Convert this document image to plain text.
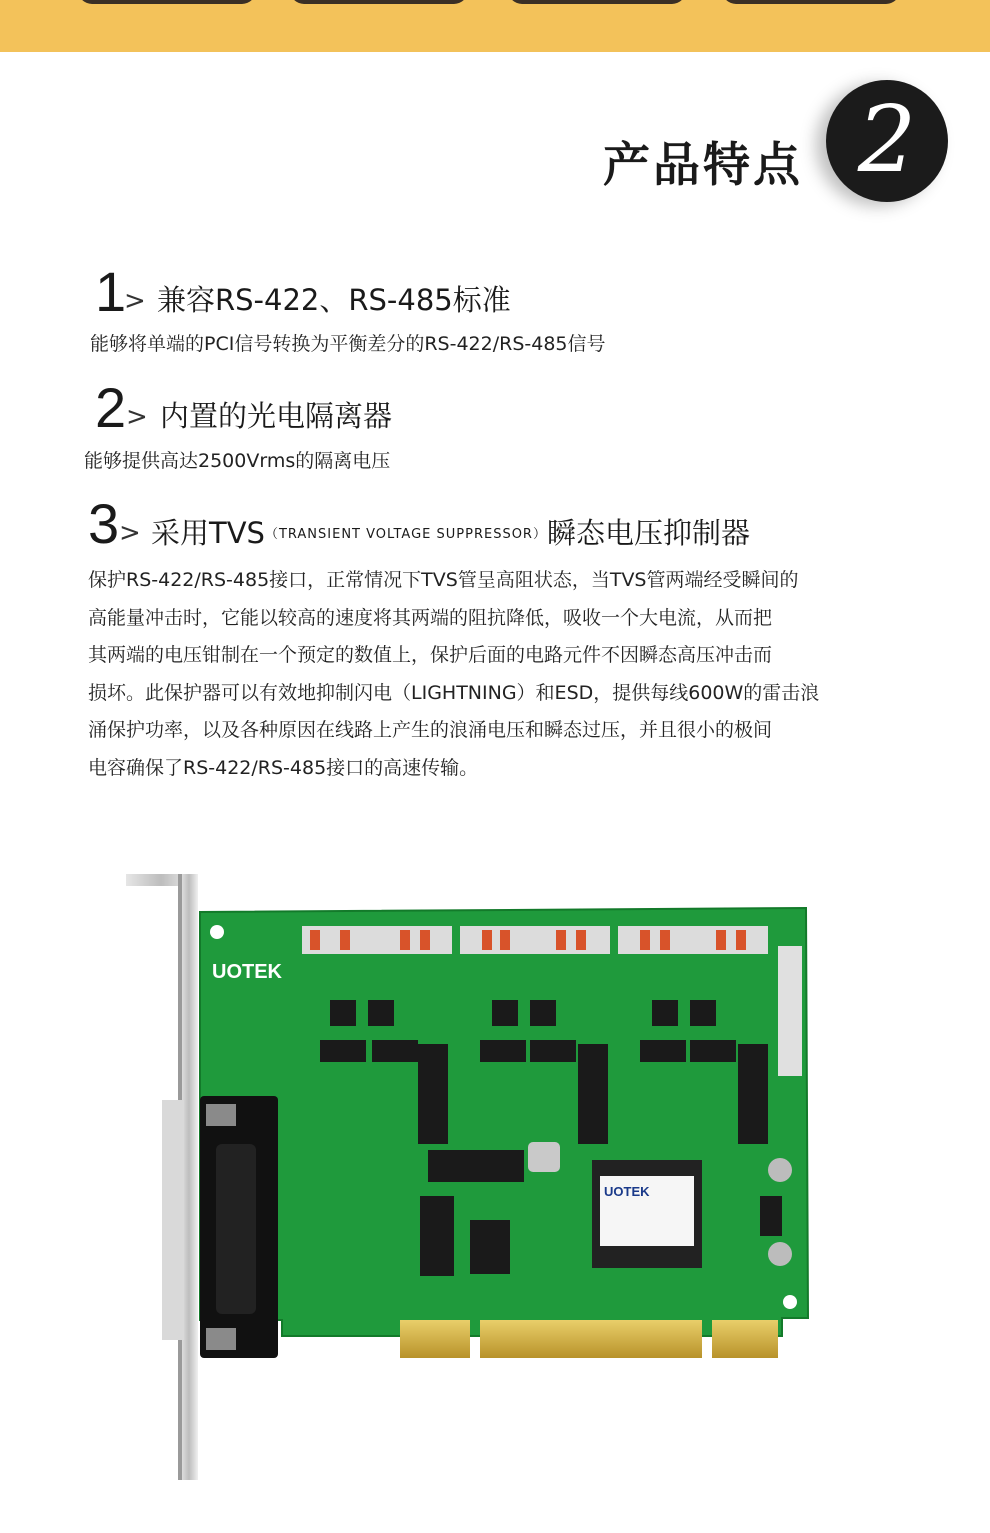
产品特点 2
1
> 兼容RS-422、RS-485标准
能够将单端的PCI信号转换为平衡差分的RS-422/RS-485信号
2 > 内置的光电隔离器
能够提供高达2500Vrms的隔离电压
3 > 采用TVS（TRANSIENT VOLTAGE SUPPRESSOR）瞬态电压抑制器
保护RS-422/RS-485接口，正常情况下TVS管呈高阻状态，当TVS管两端经受瞬间的
高能量冲击时，它能以较高的速度将其两端的阻抗降低，吸收一个大电流，从而把
其两端的电压钳制在一个预定的数值上，保护后面的电路元件不因瞬态高压冲击而
损坏。此保护器可以有效地抑制闪电（LIGHTNING）和ESD，提供每线600W的雷击浪
涌保护功率，以及各种原因在线路上产生的浪涌电压和瞬态过压，并且很小的极间
电容确保了RS-422/RS-485接口的高速传输。
UOTEK
UOTEK
